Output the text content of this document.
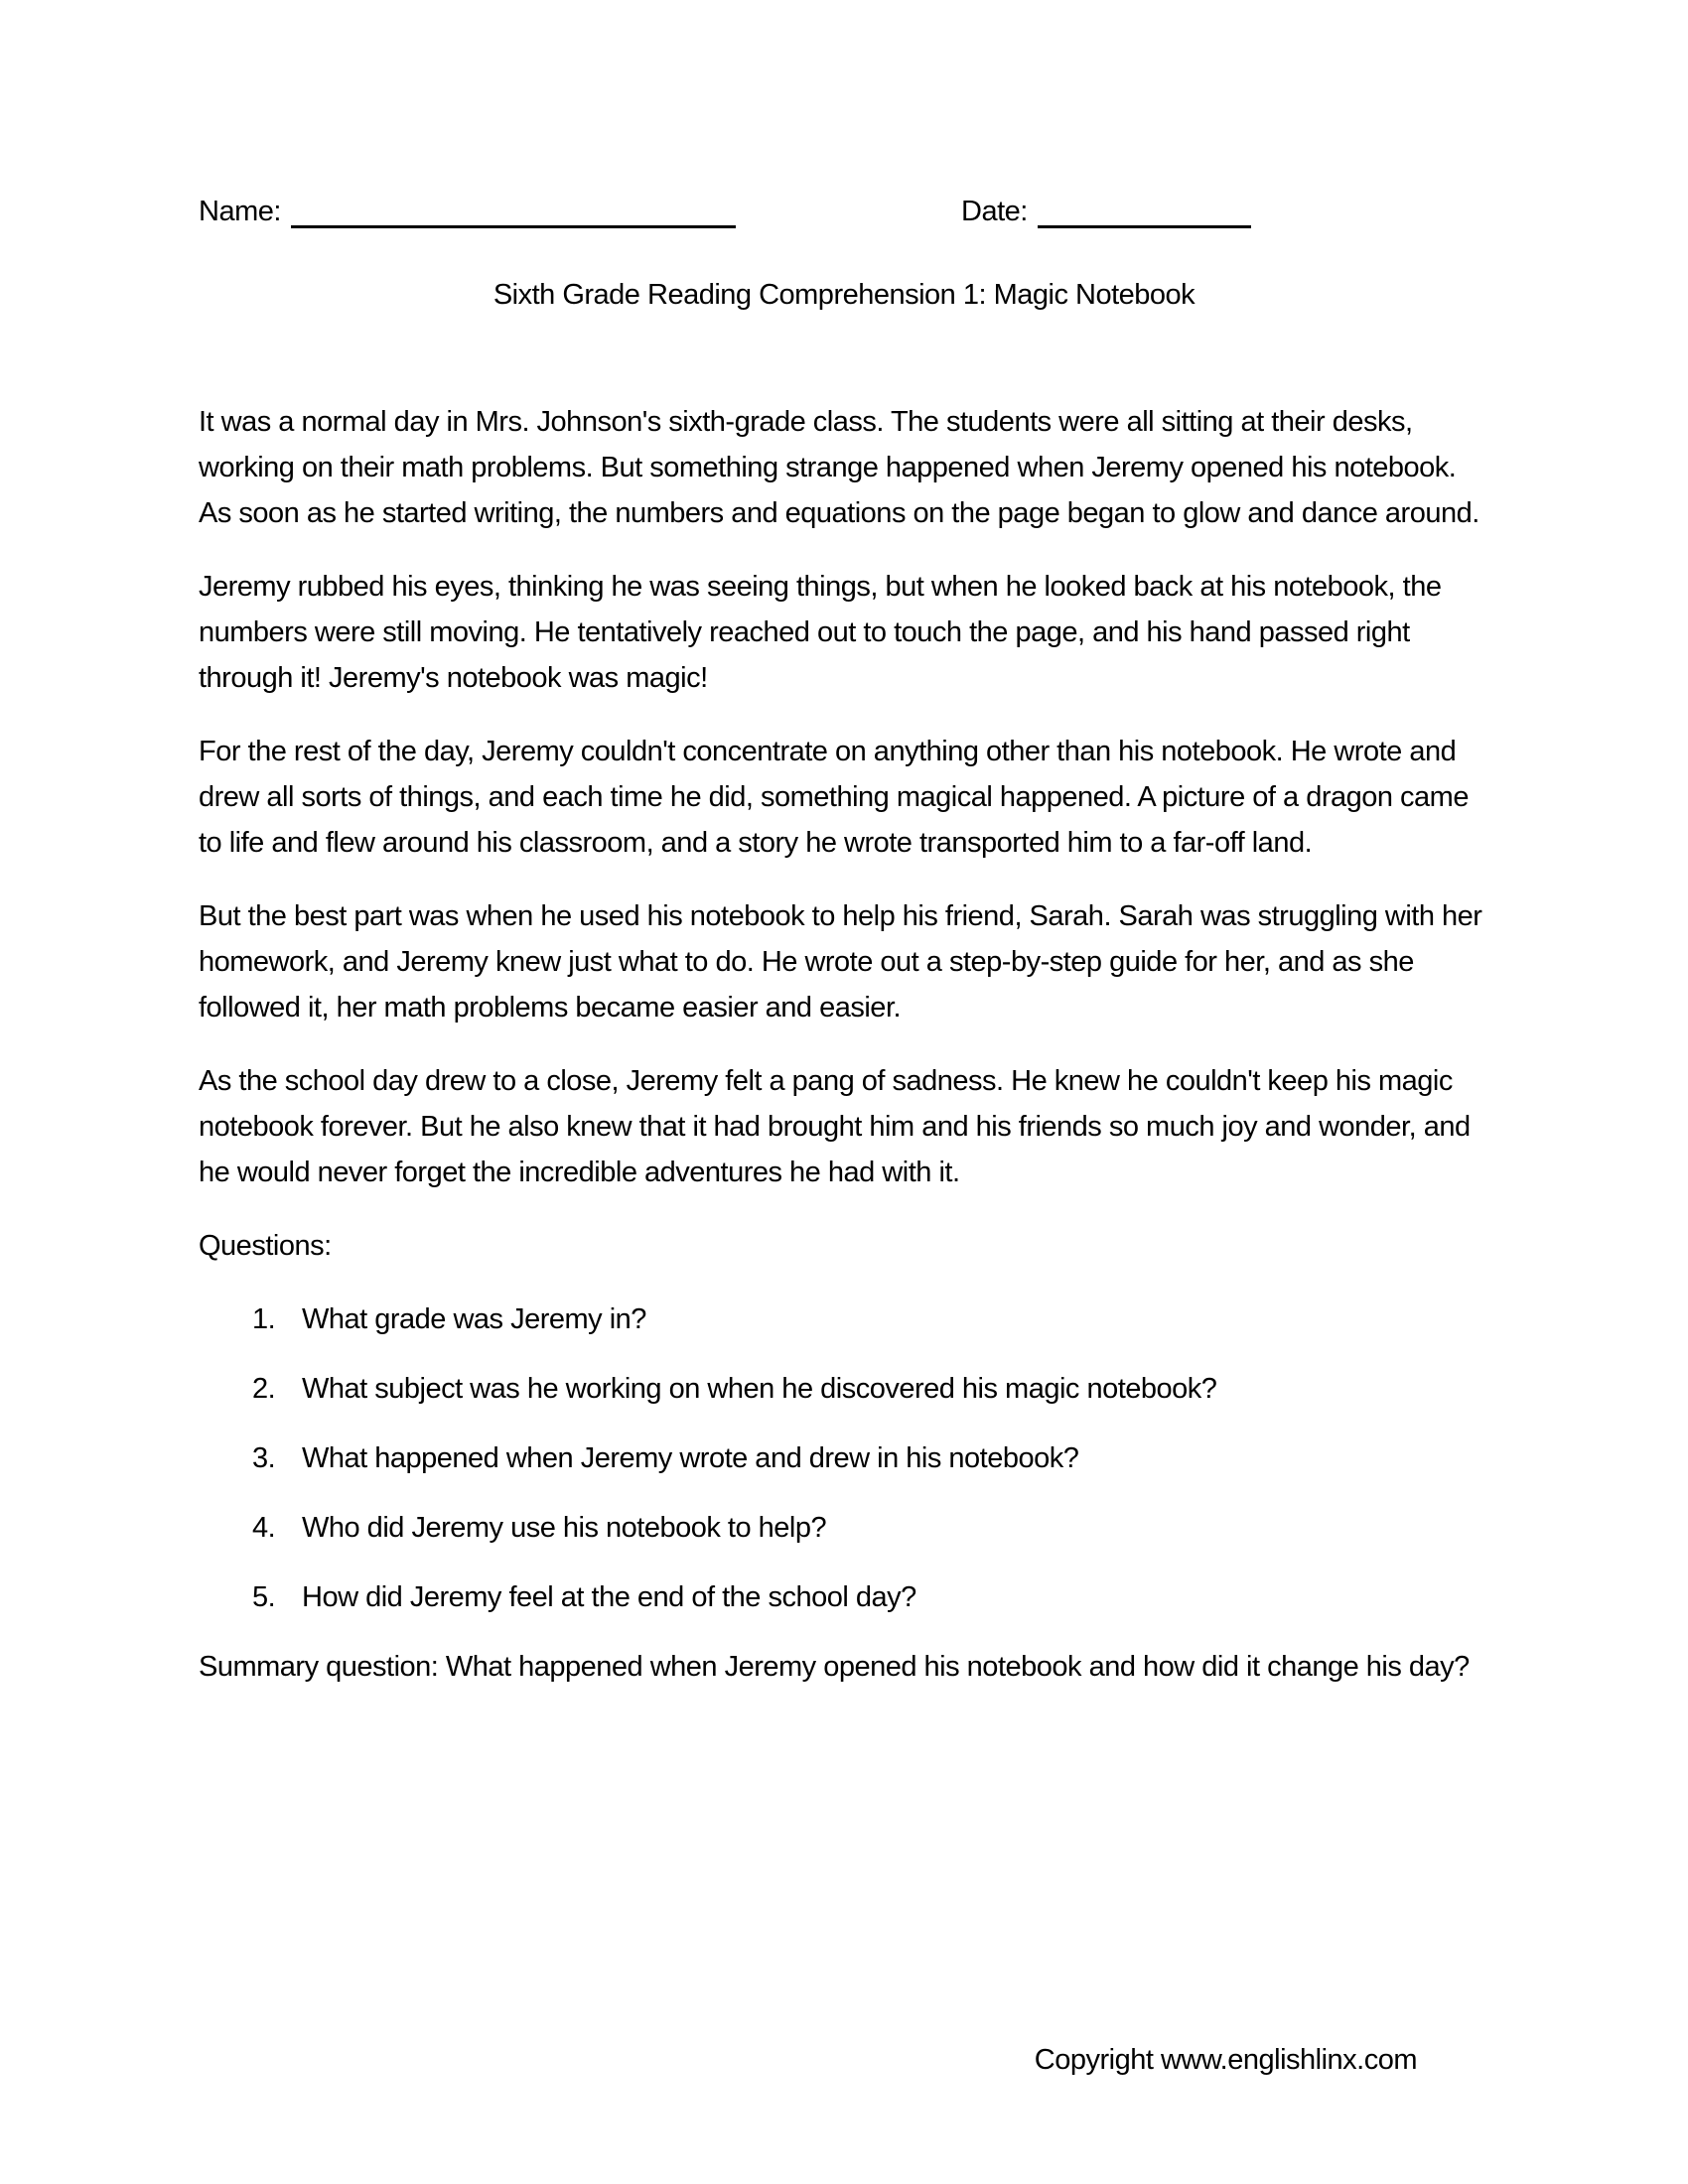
Name:	Date:
Sixth Grade Reading Comprehension 1: Magic Notebook

It was a normal day in Mrs. Johnson's sixth-grade class. The students were all sitting at their desks, working on their math problems. But something strange happened when Jeremy opened his notebook. As soon as he started writing, the numbers and equations on the page began to glow and dance around.

Jeremy rubbed his eyes, thinking he was seeing things, but when he looked back at his notebook, the numbers were still moving. He tentatively reached out to touch the page, and his hand passed right through it! Jeremy's notebook was magic!

For the rest of the day, Jeremy couldn't concentrate on anything other than his notebook. He wrote and drew all sorts of things, and each time he did, something magical happened. A picture of a dragon came to life and flew around his classroom, and a story he wrote transported him to a far-off land.

But the best part was when he used his notebook to help his friend, Sarah. Sarah was struggling with her homework, and Jeremy knew just what to do. He wrote out a step-by-step guide for her, and as she followed it, her math problems became easier and easier.

As the school day drew to a close, Jeremy felt a pang of sadness. He knew he couldn't keep his magic notebook forever. But he also knew that it had brought him and his friends so much joy and wonder, and he would never forget the incredible adventures he had with it.

Questions:
1. What grade was Jeremy in?
2. What subject was he working on when he discovered his magic notebook?
3. What happened when Jeremy wrote and drew in his notebook?
4. Who did Jeremy use his notebook to help?
5. How did Jeremy feel at the end of the school day?
Summary question: What happened when Jeremy opened his notebook and how did it change his day?
Copyright www.englishlinx.com
